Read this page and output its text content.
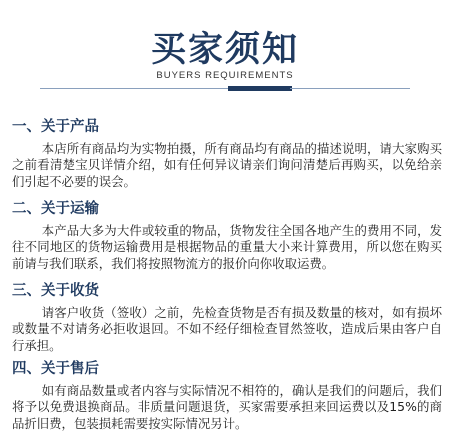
买家须知
BUYERS REQUIREMENTS
一、关于产品
本店所有商品均为实物拍摄，所有商品均有商品的描述说明，请大家购买之前看清楚宝贝详情介绍，如有任何异议请亲们询问清楚后再购买，以免给亲们引起不必要的误会。
二、关于运输
本产品大多为大件或较重的物品，货物发往全国各地产生的费用不同，发往不同地区的货物运输费用是根据物品的重量大小来计算费用，所以您在购买前请与我们联系，我们将按照物流方的报价向你收取运费。
三、关于收货
请客户收货（签收）之前，先检查货物是否有损及数量的核对，如有损坏或数量不对请务必拒收退回。不如不经仔细检查冒然签收，造成后果由客户自行承担。
四、关于售后
如有商品数量或者内容与实际情况不相符的，确认是我们的问题后，我们将予以免费退换商品。非质量问题退货，买家需要承担来回运费以及15%的商品折旧费，包装损耗需要按实际情况另计。
